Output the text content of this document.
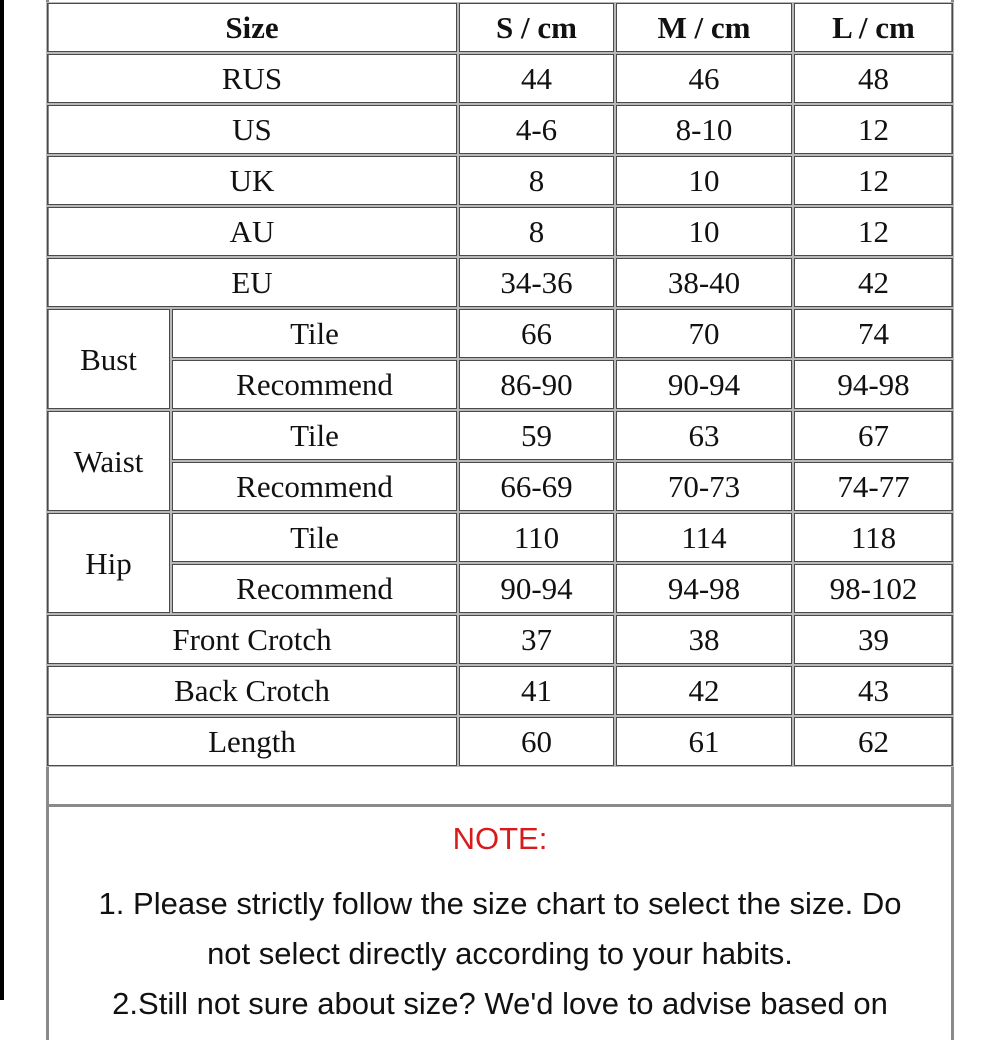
Size		S / cm	M / cm	L / cm
RUS		44	46	48
US		4-6	8-10	12
UK		8	10	12
AU		8	10	12
EU		34-36	38-40	42
Bust	Tile	66	70	74
	Recommend	86-90	90-94	94-98
Waist	Tile	59	63	67
	Recommend	66-69	70-73	74-77
Hip	Tile	110	114	118
	Recommend	90-94	94-98	98-102
Front Crotch		37	38	39
Back Crotch		41	42	43
Length		60	61	62
NOTE:
1. Please strictly follow the size chart to select the size. Do
not select directly according to your habits.
2.Still not sure about size? We'd love to advise based on
